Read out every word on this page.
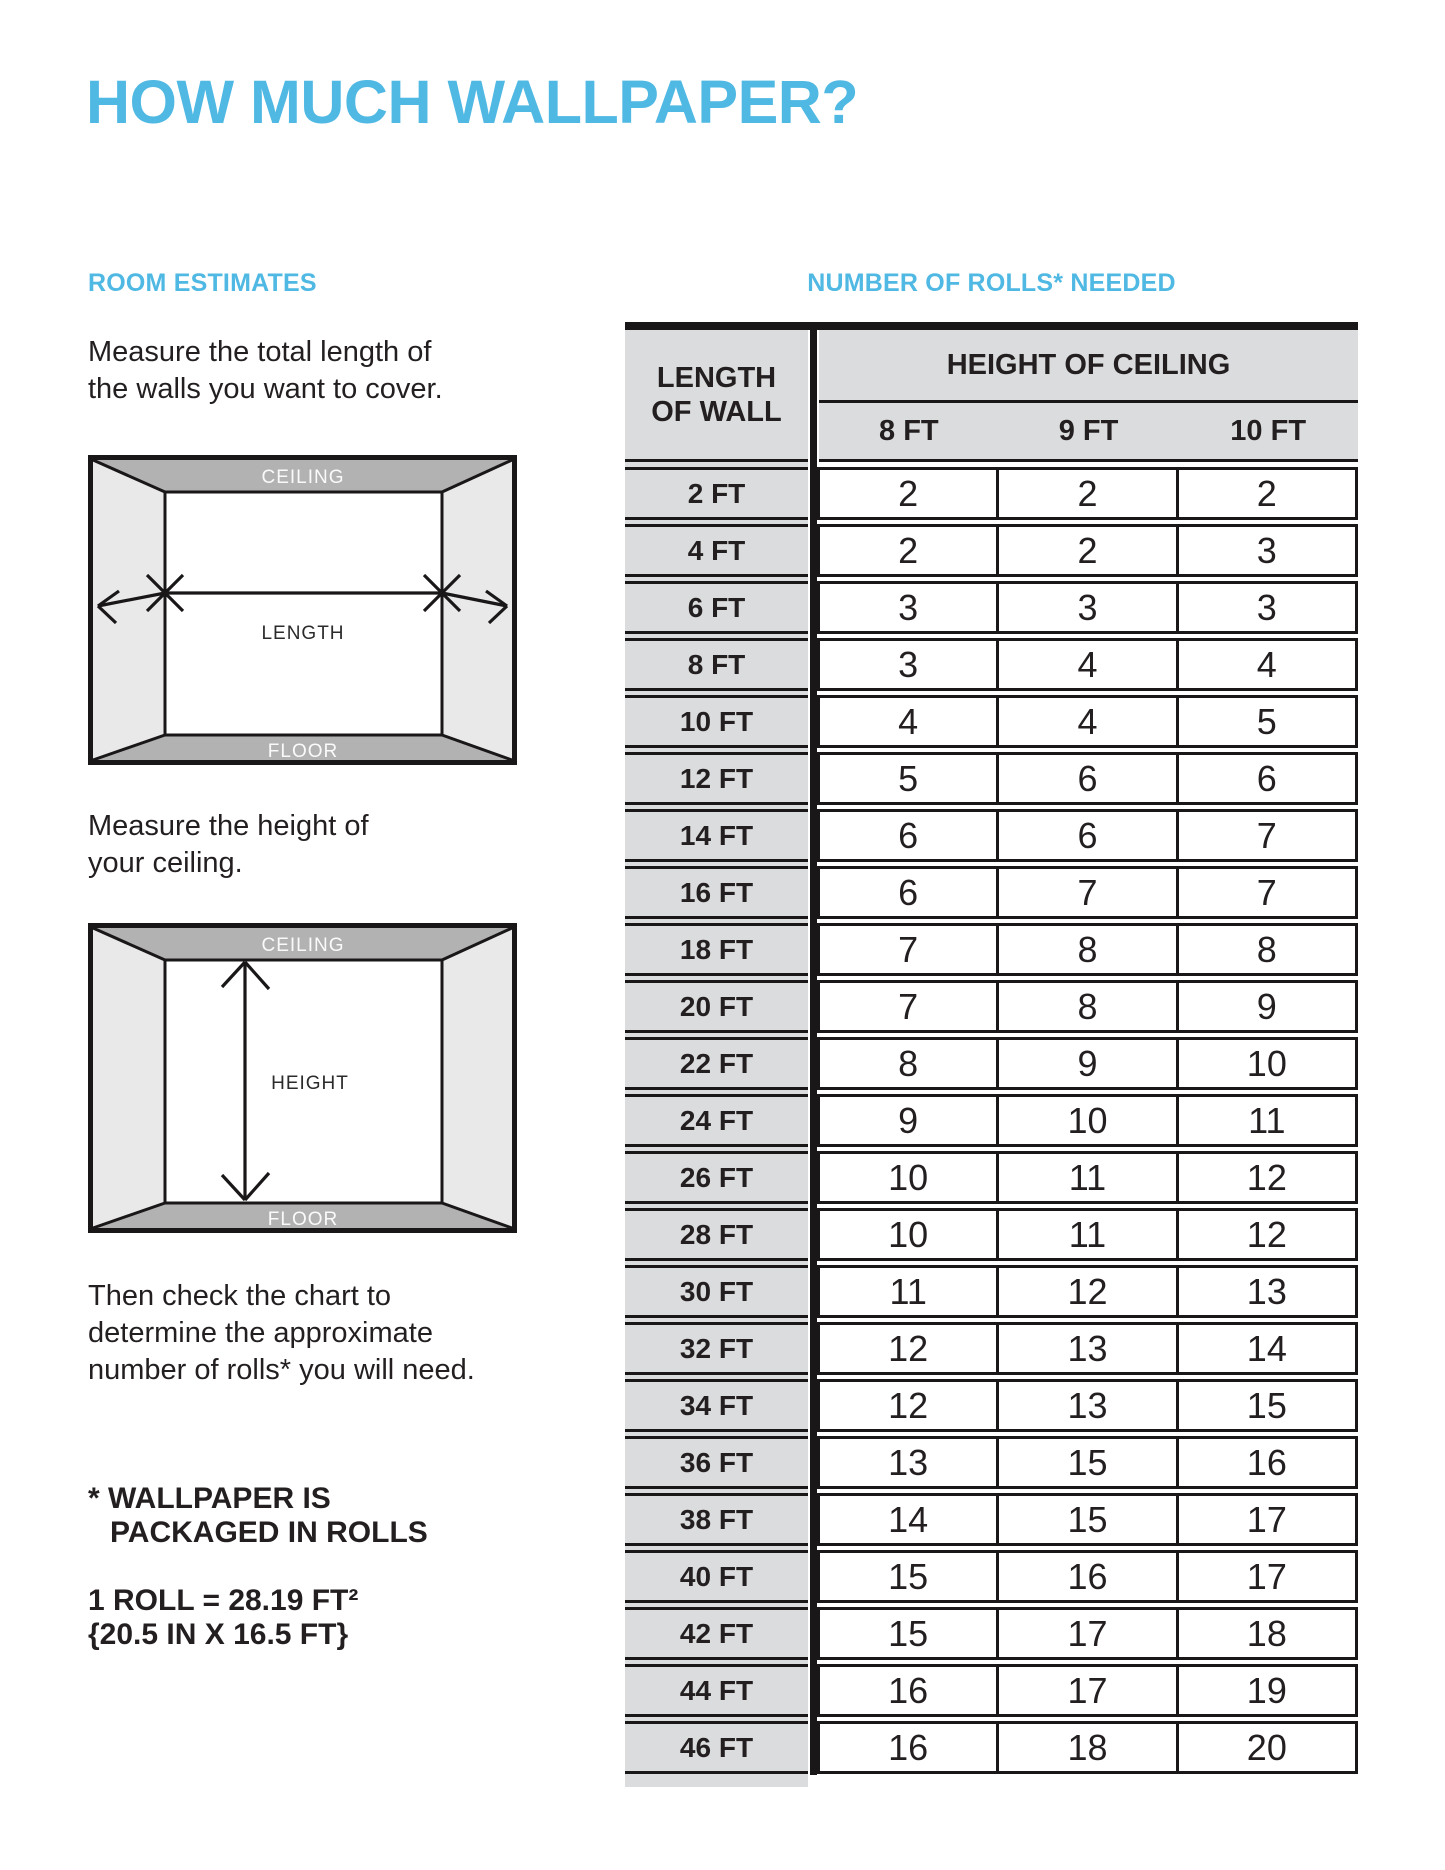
HOW MUCH WALLPAPER?
ROOM ESTIMATES	NUMBER OF ROLLS* NEEDED
Measure the total length of
the walls you want to cover.
CEILING
LENGTH
FLOOR
Measure the height of
your ceiling.
CEILING
HEIGHT
FLOOR
Then check the chart to
determine the approximate
number of rolls* you will need.
* WALLPAPER IS
PACKAGED IN ROLLS
1 ROLL = 28.19 FT²
{20.5 IN X 16.5 FT}
LENGTH
OF WALL
HEIGHT OF CEILING
8 FT	9 FT	10 FT
2 FT	2	2	2
4 FT	2	2	3
6 FT	3	3	3
8 FT	3	4	4
10 FT	4	4	5
12 FT	5	6	6
14 FT	6	6	7
16 FT	6	7	7
18 FT	7	8	8
20 FT	7	8	9
22 FT	8	9	10
24 FT	9	10	11
26 FT	10	11	12
28 FT	10	11	12
30 FT	11	12	13
32 FT	12	13	14
34 FT	12	13	15
36 FT	13	15	16
38 FT	14	15	17
40 FT	15	16	17
42 FT	15	17	18
44 FT	16	17	19
46 FT	16	18	20
